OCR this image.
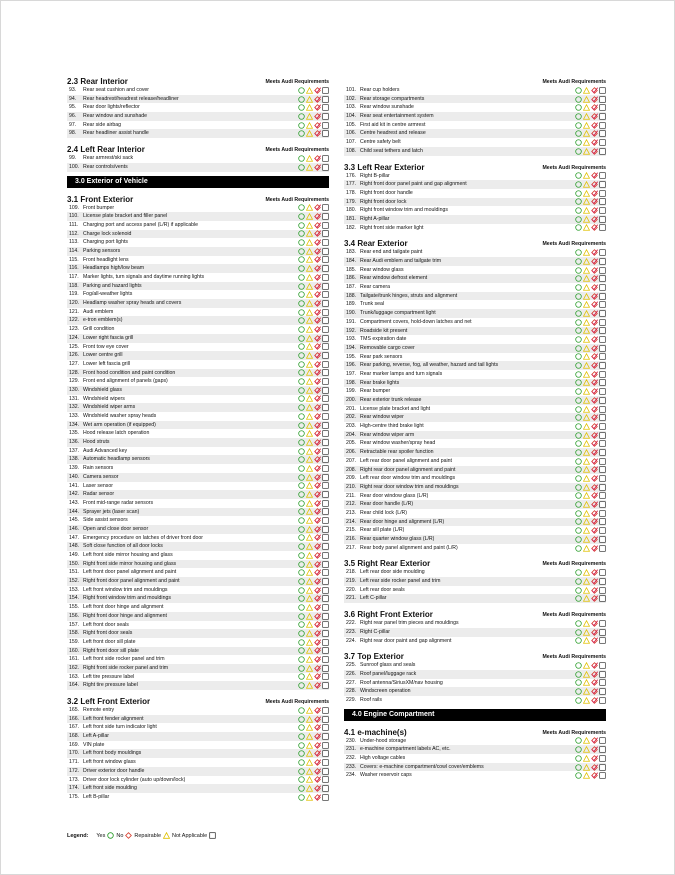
2.3 Rear Interior	Meets Audi Requirements
93.	Rear seat cushion and cover
94.	Rear headrest/headrest release/headliner
95.	Rear door lights/reflector
96.	Rear window and sunshade
97.	Rear side airbag
98.	Rear headliner assist handle
2.4 Left Rear Interior	Meets Audi Requirements
99.	Rear armrest/ski sack
100. Rear controls/vents
3.0 Exterior of Vehicle
3.1 Front Exterior	Meets Audi Requirements
109. Front bumper
110. License plate bracket and filler panel
111. Charging port and access panel (L/R) if applicable
112. Charge lock solenoid
113. Charging port lights
114. Parking sensors
115. Front headlight lens
116. Headlamps high/low beam
117. Marker lights, turn signals and daytime running lights
118. Parking and hazard lights
119. Fog/all-weather lights
120. Headlamp washer spray heads and covers
121. Audi emblem
122. e-tron emblem(s)
123. Grill condition
124. Lower right fascia grill
125. Front tow eye cover
126. Lower centre grill
127. Lower left fascia grill
128. Front hood condition and paint condition
129. Front end alignment of panels (gaps)
130. Windshield glass
131. Windshield wipers
132. Windshield wiper arms
133. Windshield washer spray heads
134. Wet arm operation (if equipped)
135. Hood release latch operation
136. Hood struts
137. Audi Advanced key
138. Automatic headlamp sensors
139. Rain sensors
140. Camera sensor
141. Laser sensor
142. Radar sensor
143. Front mid-range radar sensors
144. Sprayer jets (laser scan)
145. Side assist sensors
146. Open and close door sensor
147. Emergency procedure on latches of driver front door
148. Soft close function of all door locks
149. Left front side mirror housing and glass
150. Right front side mirror housing and glass
151. Left front door panel alignment and paint
152. Right front door panel alignment and paint
153. Left front window trim and mouldings
154. Right front window trim and mouldings
155. Left front door hinge and alignment
156. Right front door hinge and alignment
157. Left front door seals
158. Right front door seals
159. Left front door sill plate
160. Right front door sill plate
161. Left front side rocker panel and trim
162. Right front side rocker panel and trim
163. Left tire pressure label
164. Right tire pressure label
3.2 Left Front Exterior	Meets Audi Requirements
165. Remote entry
166. Left front fender alignment
167. Left front side turn indicator light
168. Left A-pillar
169. VIN plate
170. Left front body mouldings
171. Left front window glass
172. Driver exterior door handle
173. Driver door lock cylinder (auto up/down/lock)
174. Left front side moulding
175. Left B-pillar

Meets Audi Requirements
101. Rear cup holders
102. Rear storage compartments
103. Rear window sunshade
104. Rear seat entertainment system
105. First aid kit in centre armrest
106. Centre headrest and release
107. Centre safety belt
108. Child seat tethers and latch
3.3 Left Rear Exterior	Meets Audi Requirements
176. Right B-pillar
177. Right front door panel paint and gap alignment
178. Right front door handle
179. Right front door lock
180. Right front window trim and mouldings
181. Right A-pillar
182. Right front side marker light
3.4 Rear Exterior	Meets Audi Requirements
183. Rear end and tailgate paint
184. Rear Audi emblem and tailgate trim
185. Rear window glass
186. Rear window defrost element
187. Rear camera
188. Tailgate/trunk hinges, struts and alignment
189. Trunk seal
190. Trunk/luggage compartment light
191. Compartment covers, hold-down latches and net
192. Roadside kit present
193. TMS expiration date
194. Removable cargo cover
195. Rear park sensors
196. Rear parking, reverse, fog, all weather, hazard and tail lights
197. Rear marker lamps and turn signals
198. Rear brake lights
199. Rear bumper
200. Rear exterior trunk release
201. License plate bracket and light
202. Rear window wiper
203. High-centre third brake light
204. Rear window wiper arm
205. Rear window washer/spray head
206. Retractable rear spoiler function
207. Left rear door panel alignment and paint
208. Right rear door panel alignment and paint
209. Left rear door window trim and mouldings
210. Right rear door window trim and mouldings
211. Rear door window glass (L/R)
212. Rear door handle (L/R)
213. Rear child lock (L/R)
214. Rear door hinge and alignment (L/R)
215. Rear sill plate (L/R)
216. Rear quarter window glass (L/R)
217. Rear body panel alignment and paint (L/R)
3.5 Right Rear Exterior	Meets Audi Requirements
218. Left rear door side moulding
219. Left rear side rocker panel and trim
220. Left rear door seals
221. Left C-pillar
3.6 Right Front Exterior	Meets Audi Requirements
222. Right rear panel trim pieces and mouldings
223. Right C-pillar
224. Right rear door paint and gap alignment
3.7 Top Exterior	Meets Audi Requirements
225. Sunroof glass and seals
226. Roof panel/luggage rack
227. Roof antenna/SiriusXM/nav housing
228. Windscreen operation
229. Roof rails
4.0 Engine Compartment
4.1 e-machine(s)	Meets Audi Requirements
230. Under-hood storage
231. e-machine compartment labels AC, etc.
232. High voltage cables
233. Covers: e-machine compartment/cowl cover/emblems
234. Washer reservoir caps
Legend: Yes No Repairable Not Applicable
